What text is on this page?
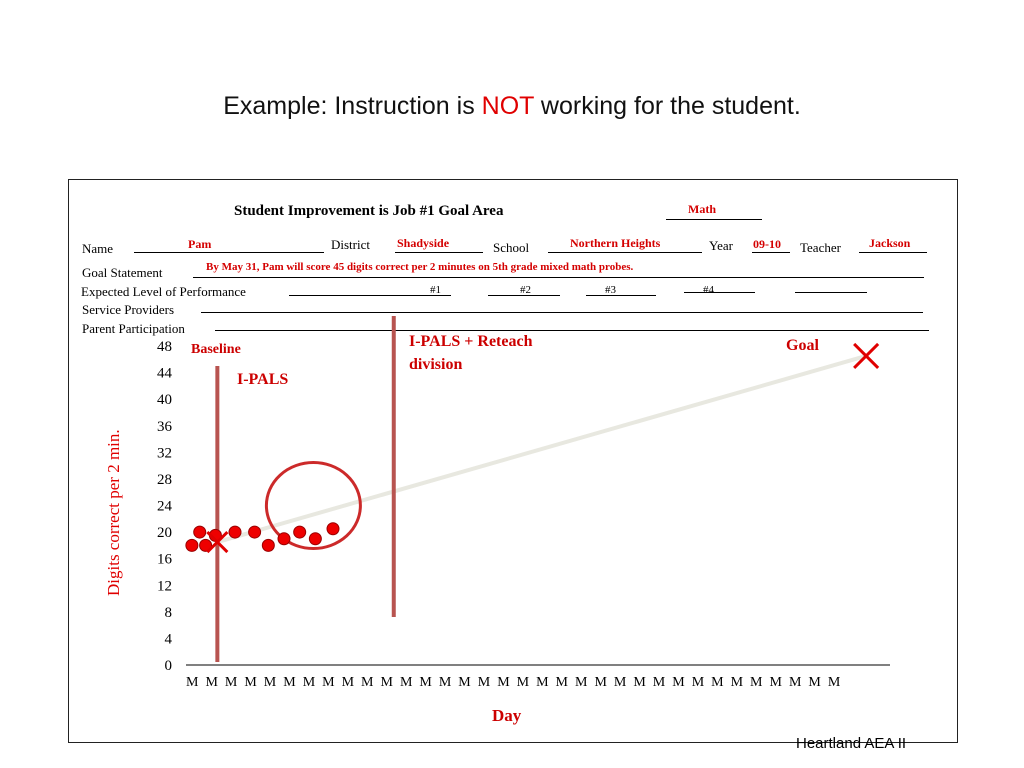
Example: Instruction is NOT working for the student.
Student Improvement is Job #1 Goal Area	Math
Name	Pam	District Shadyside	School	Northern Heights	Year 09-10 Teacher Jackson
Goal Statement	By May 31, Pam will score 45 digits correct per 2 minutes on 5th grade mixed math probes.
Expected Level of Performance	#1	#2	#3	#4
Service Providers
Parent Participation
0
4
8
12
16
20
24
28
32
36
40
44
48
Digits correct per 2 min.
Baseline
I-PALS
I-PALS + Reteach division
Goal
M M M M M M M M M M M M M M M M M M M M M M M M M M M M M M M M M M
Day
Heartland AEA II
